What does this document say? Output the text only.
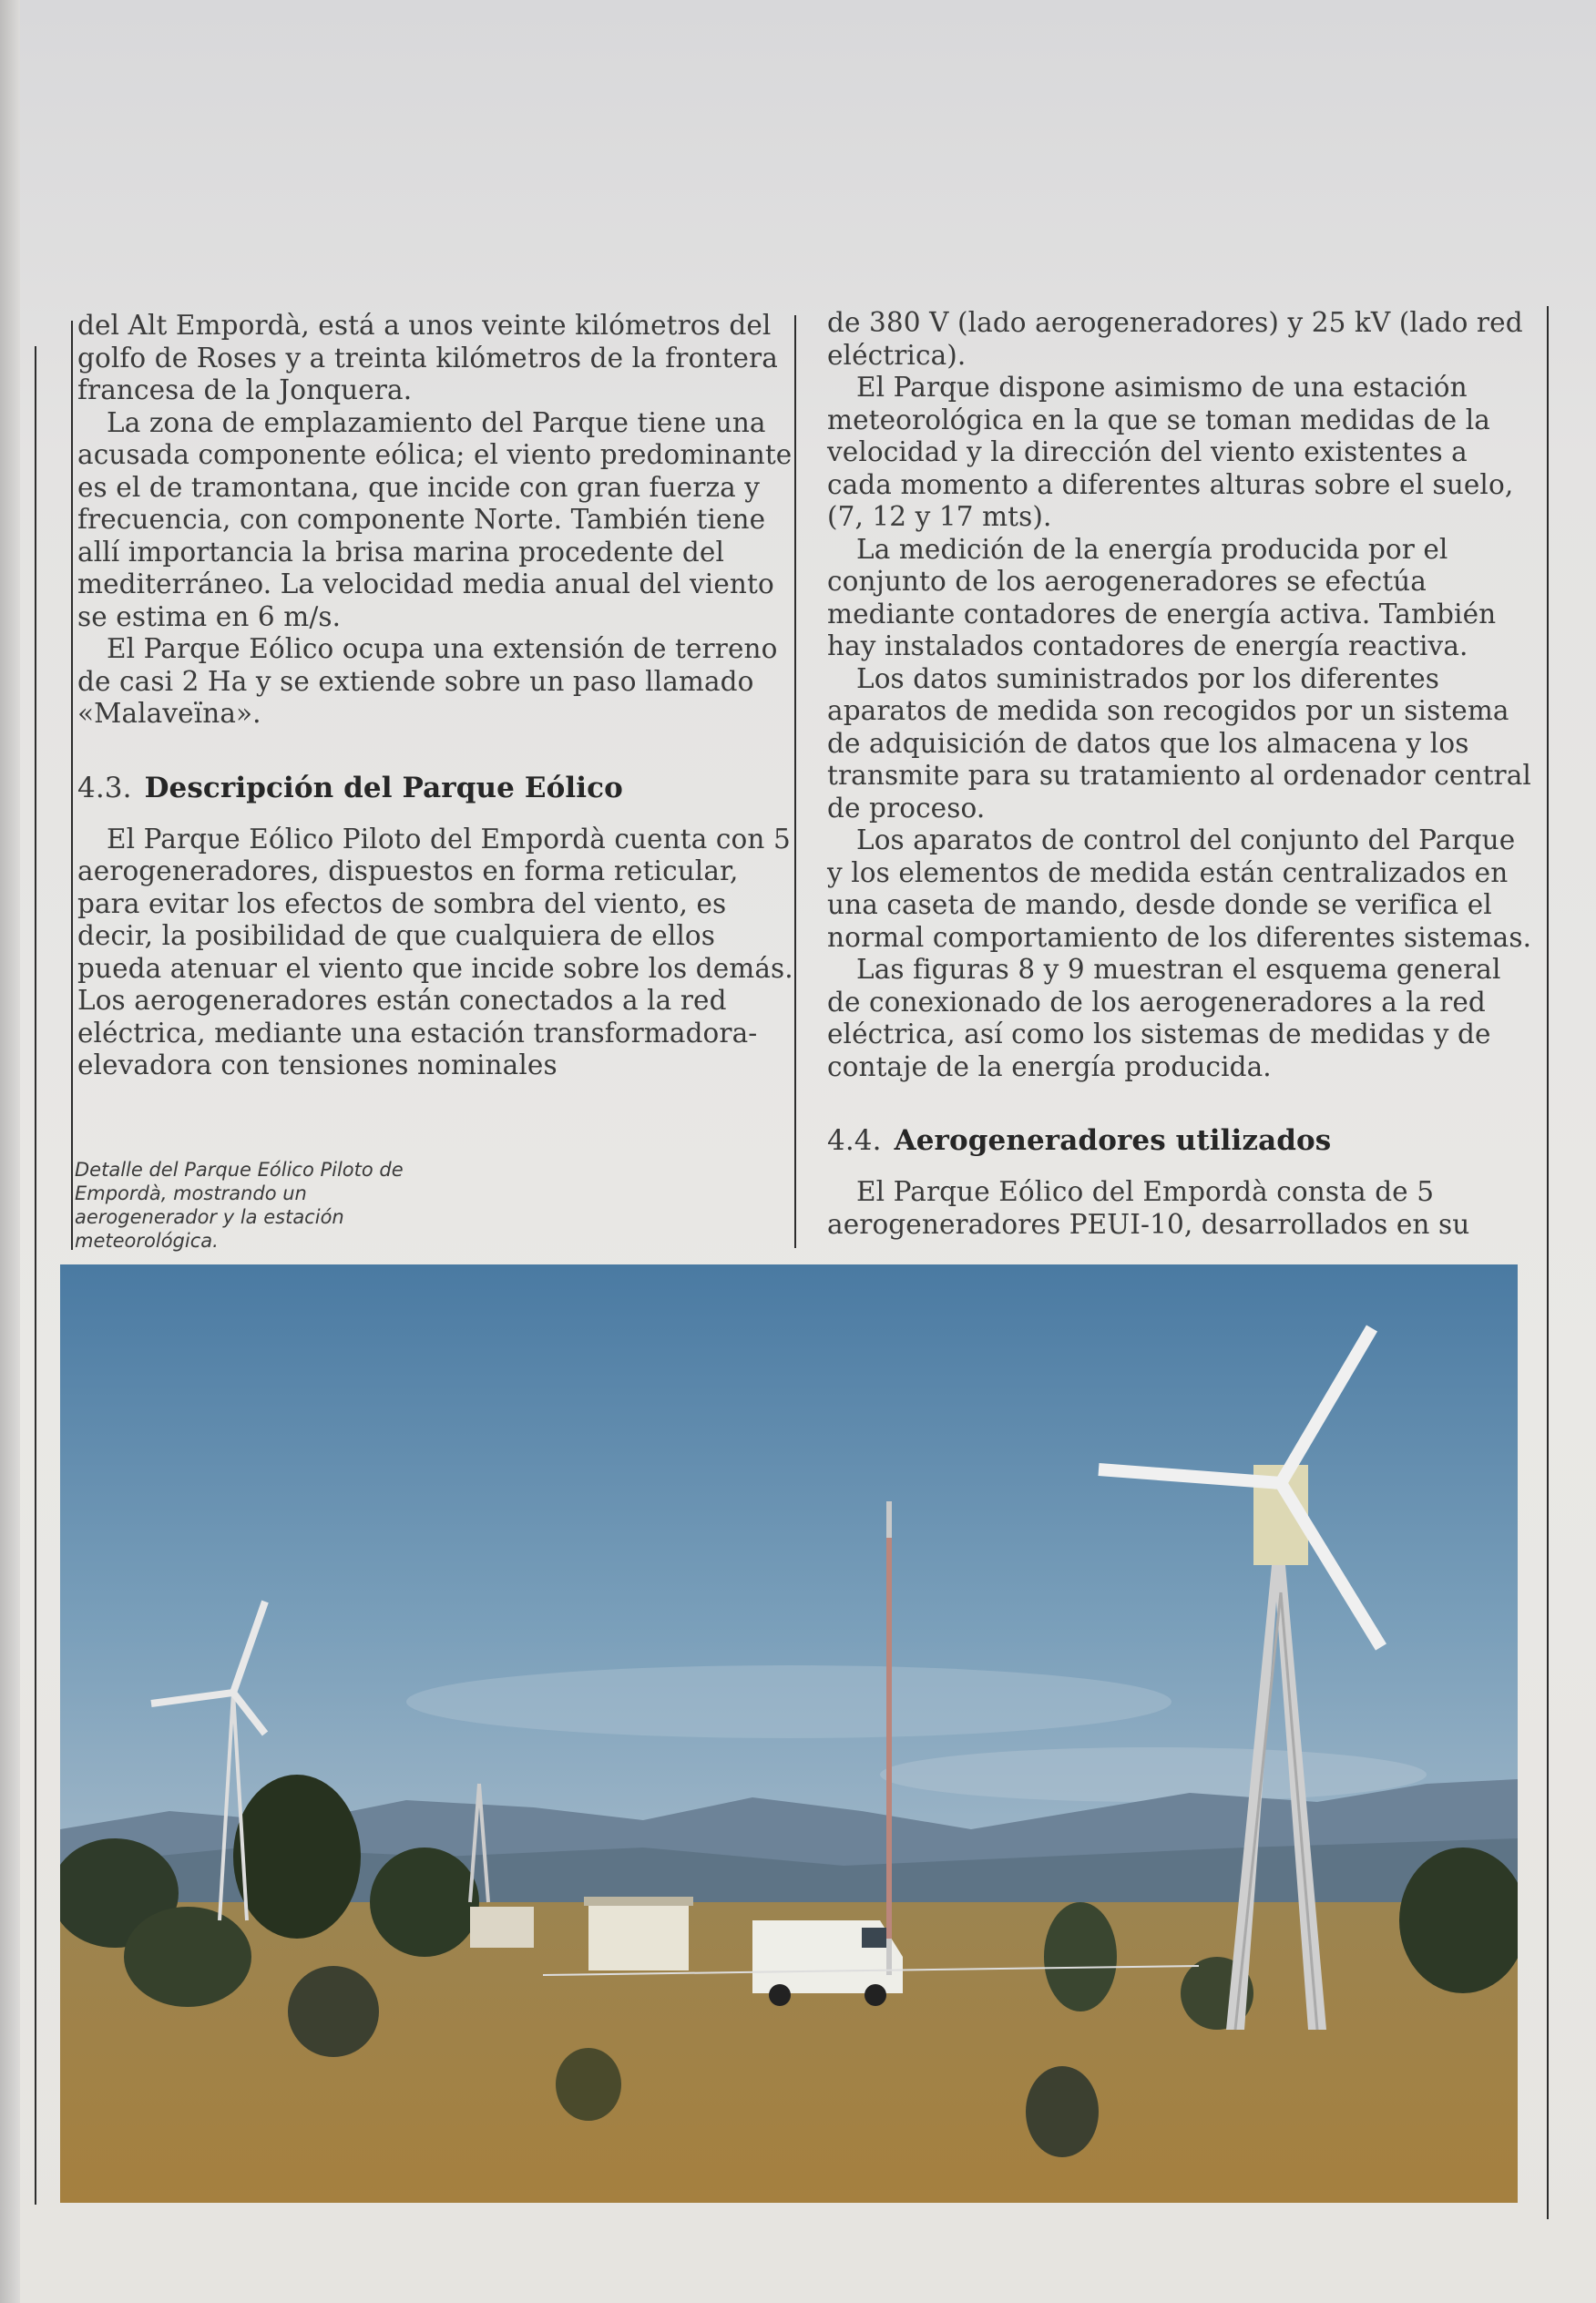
del Alt Empordà, está a unos veinte kilómetros del golfo de Roses y a treinta kilómetros de la frontera francesa de la Jonquera.

La zona de emplazamiento del Parque tiene una acusada componente eólica; el viento predominante es el de tramontana, que incide con gran fuerza y frecuencia, con componente Norte. También tiene allí importancia la brisa marina procedente del mediterráneo. La velocidad media anual del viento se estima en 6 m/s.

El Parque Eólico ocupa una extensión de terreno de casi 2 Ha y se extiende sobre un paso llamado «Malaveïna».

4.3. Descripción del Parque Eólico

El Parque Eólico Piloto del Empordà cuenta con 5 aerogeneradores, dispuestos en forma reticular, para evitar los efectos de sombra del viento, es decir, la posibilidad de que cualquiera de ellos pueda atenuar el viento que incide sobre los demás. Los aerogeneradores están conectados a la red eléctrica, mediante una estación transformadora-elevadora con tensiones nominales

Detalle del Parque Eólico Piloto de Empordà, mostrando un aerogenerador y la estación meteorológica.

de 380 V (lado aerogeneradores) y 25 kV (lado red eléctrica).

El Parque dispone asimismo de una estación meteorológica en la que se toman medidas de la velocidad y la dirección del viento existentes a cada momento a diferentes alturas sobre el suelo, (7, 12 y 17 mts).

La medición de la energía producida por el conjunto de los aerogeneradores se efectúa mediante contadores de energía activa. También hay instalados contadores de energía reactiva.

Los datos suministrados por los diferentes aparatos de medida son recogidos por un sistema de adquisición de datos que los almacena y los transmite para su tratamiento al ordenador central de proceso.

Los aparatos de control del conjunto del Parque y los elementos de medida están centralizados en una caseta de mando, desde donde se verifica el normal comportamiento de los diferentes sistemas.

Las figuras 8 y 9 muestran el esquema general de conexionado de los aerogeneradores a la red eléctrica, así como los sistemas de medidas y de contaje de la energía producida.

4.4. Aerogeneradores utilizados

El Parque Eólico del Empordà consta de 5 aerogeneradores PEUI-10, desarrollados en su
